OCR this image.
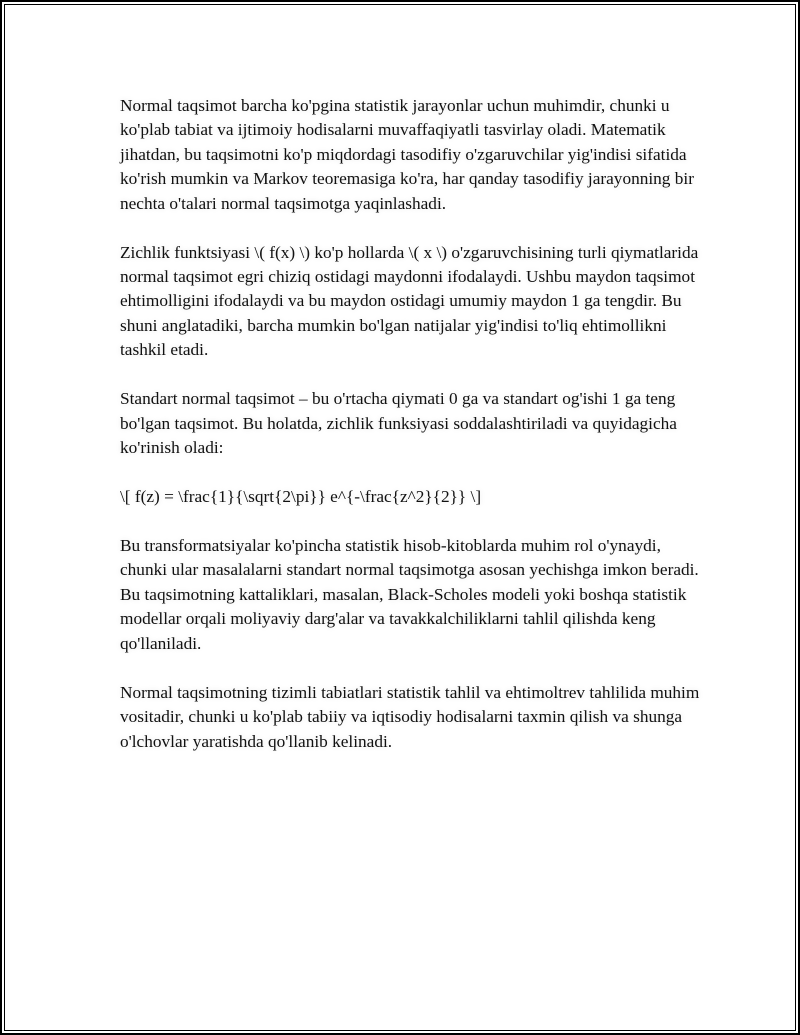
Normal taqsimot barcha ko'pgina statistik jarayonlar uchun muhimdir, chunki u ko'plab tabiat va ijtimoiy hodisalarni muvaffaqiyatli tasvirlay oladi. Matematik jihatdan, bu taqsimotni ko'p miqdordagi tasodifiy o'zgaruvchilar yig'indisi sifatida ko'rish mumkin va Markov teoremasiga ko'ra, har qanday tasodifiy jarayonning bir nechta o'talari normal taqsimotga yaqinlashadi.

Zichlik funktsiyasi \( f(x) \) ko'p hollarda \( x \) o'zgaruvchisining turli qiymatlarida normal taqsimot egri chiziq ostidagi maydonni ifodalaydi. Ushbu maydon taqsimot ehtimolligini ifodalaydi va bu maydon ostidagi umumiy maydon 1 ga tengdir. Bu shuni anglatadiki, barcha mumkin bo'lgan natijalar yig'indisi to'liq ehtimollikni tashkil etadi.

Standart normal taqsimot – bu o'rtacha qiymati 0 ga va standart og'ishi 1 ga teng bo'lgan taqsimot. Bu holatda, zichlik funksiyasi soddalashtiriladi va quyidagicha ko'rinish oladi:

\[ f(z) = \frac{1}{\sqrt{2\pi}} e^{-\frac{z^2}{2}} \]

Bu transformatsiyalar ko'pincha statistik hisob-kitoblarda muhim rol o'ynaydi, chunki ular masalalarni standart normal taqsimotga asosan yechishga imkon beradi. Bu taqsimotning kattaliklari, masalan, Black-Scholes modeli yoki boshqa statistik modellar orqali moliyaviy darg'alar va tavakkalchiliklarni tahlil qilishda keng qo'llaniladi.

Normal taqsimotning tizimli tabiatlari statistik tahlil va ehtimoltrev tahlilida muhim vositadir, chunki u ko'plab tabiiy va iqtisodiy hodisalarni taxmin qilish va shunga o'lchovlar yaratishda qo'llanib kelinadi.
